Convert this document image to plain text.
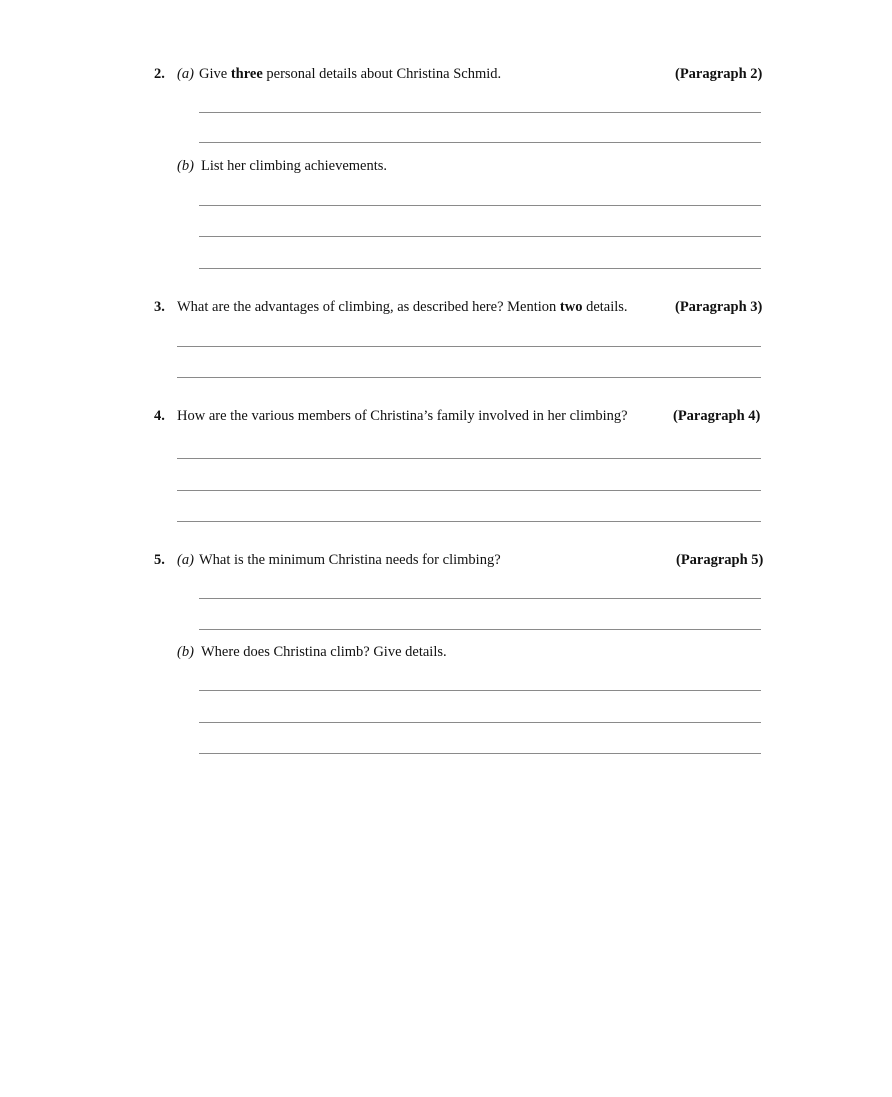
2. (a) Give three personal details about Christina Schmid.	(Paragraph 2)
(b) List her climbing achievements.
3. What are the advantages of climbing, as described here? Mention two details.	(Paragraph 3)
4. How are the various members of Christina’s family involved in her climbing?	(Paragraph 4)
5. (a) What is the minimum Christina needs for climbing?	(Paragraph 5)
(b) Where does Christina climb? Give details.
